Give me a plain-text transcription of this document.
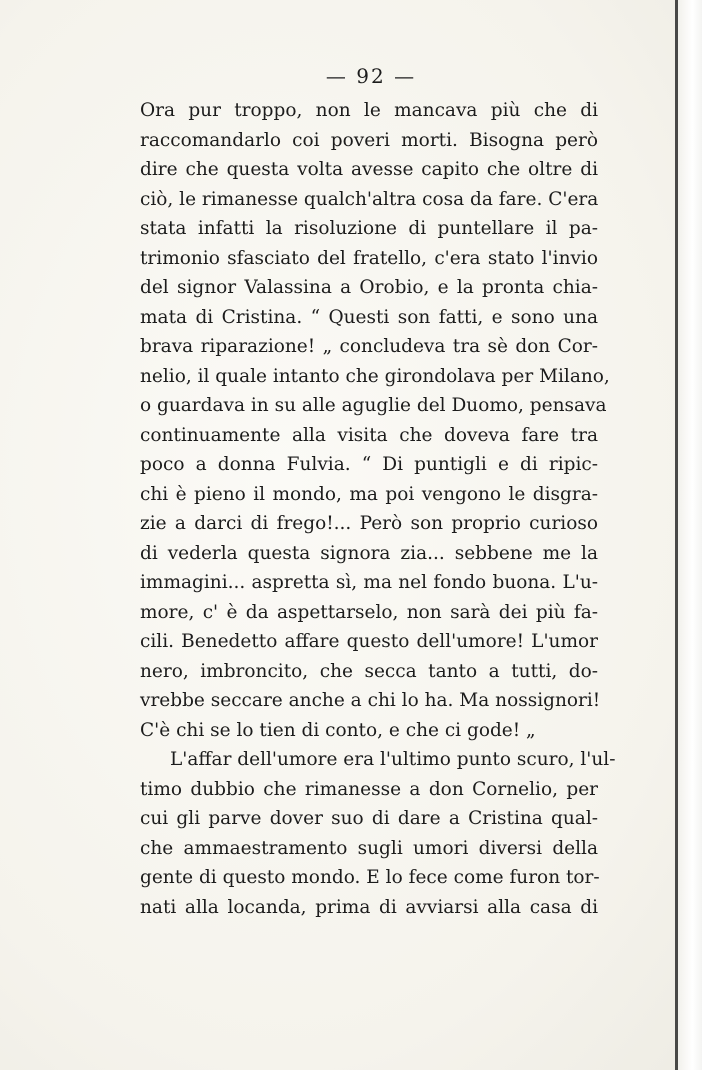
— 92 —
Ora pur troppo, non le mancava più che di
raccomandarlo coi poveri morti. Bisogna però
dire che questa volta avesse capito che oltre di
ciò, le rimanesse qualch'altra cosa da fare. C'era
stata infatti la risoluzione di puntellare il pa-
trimonio sfasciato del fratello, c'era stato l'invio
del signor Valassina a Orobio, e la pronta chia-
mata di Cristina. “ Questi son fatti, e sono una
brava riparazione! „ concludeva tra sè don Cor-
nelio, il quale intanto che girondolava per Milano,
o guardava in su alle aguglie del Duomo, pensava
continuamente alla visita che doveva fare tra
poco a donna Fulvia. “ Di puntigli e di ripic-
chi è pieno il mondo, ma poi vengono le disgra-
zie a darci di frego!... Però son proprio curioso
di vederla questa signora zia... sebbene me la
immagini... aspretta sì, ma nel fondo buona. L'u-
more, c' è da aspettarselo, non sarà dei più fa-
cili. Benedetto affare questo dell'umore! L'umor
nero, imbroncito, che secca tanto a tutti, do-
vrebbe seccare anche a chi lo ha. Ma nossignori!
C'è chi se lo tien di conto, e che ci gode! „
L'affar dell'umore era l'ultimo punto scuro, l'ul-
timo dubbio che rimanesse a don Cornelio, per
cui gli parve dover suo di dare a Cristina qual-
che ammaestramento sugli umori diversi della
gente di questo mondo. E lo fece come furon tor-
nati alla locanda, prima di avviarsi alla casa di
